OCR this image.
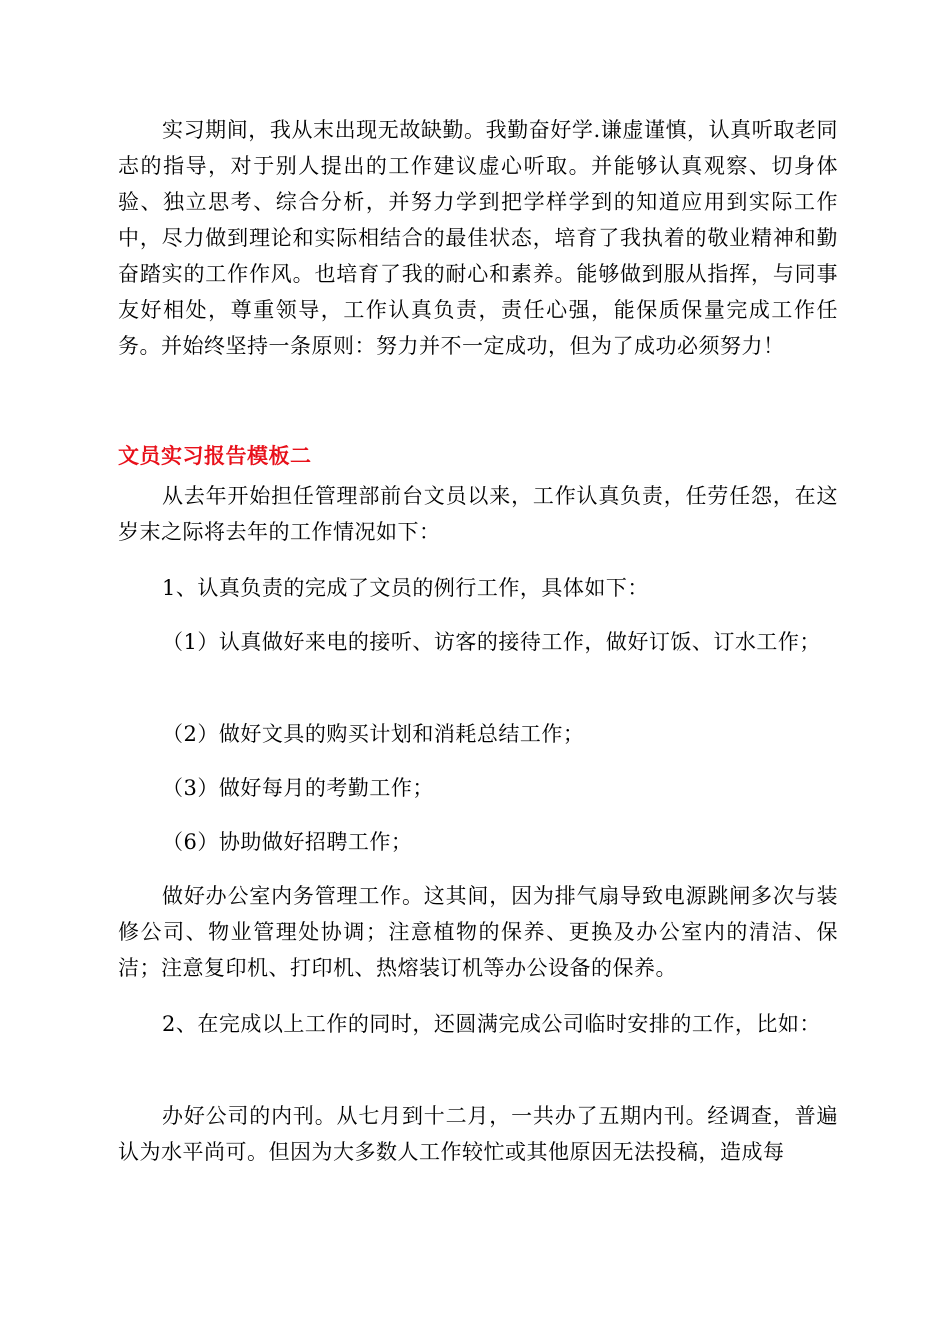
实习期间，我从末出现无故缺勤。我勤奋好学.谦虚谨慎，认真听取老同志的指导，对于别人提出的工作建议虚心听取。并能够认真观察、切身体验、独立思考、综合分析，并努力学到把学样学到的知道应用到实际工作中，尽力做到理论和实际相结合的最佳状态，培育了我执着的敬业精神和勤奋踏实的工作作风。也培育了我的耐心和素养。能够做到服从指挥，与同事友好相处，尊重领导，工作认真负责，责任心强，能保质保量完成工作任务。并始终坚持一条原则：努力并不一定成功，但为了成功必须努力！

文员实习报告模板二

从去年开始担任管理部前台文员以来，工作认真负责，任劳任怨，在这岁末之际将去年的工作情况如下：

1、认真负责的完成了文员的例行工作，具体如下：

（1）认真做好来电的接听、访客的接待工作，做好订饭、订水工作；

（2）做好文具的购买计划和消耗总结工作；

（3）做好每月的考勤工作；

（6）协助做好招聘工作；

做好办公室内务管理工作。这其间，因为排气扇导致电源跳闸多次与装修公司、物业管理处协调；注意植物的保养、更换及办公室内的清洁、保洁；注意复印机、打印机、热熔装订机等办公设备的保养。

2、在完成以上工作的同时，还圆满完成公司临时安排的工作，比如：

办好公司的内刊。从七月到十二月，一共办了五期内刊。经调查，普遍认为水平尚可。但因为大多数人工作较忙或其他原因无法投稿，造成每
